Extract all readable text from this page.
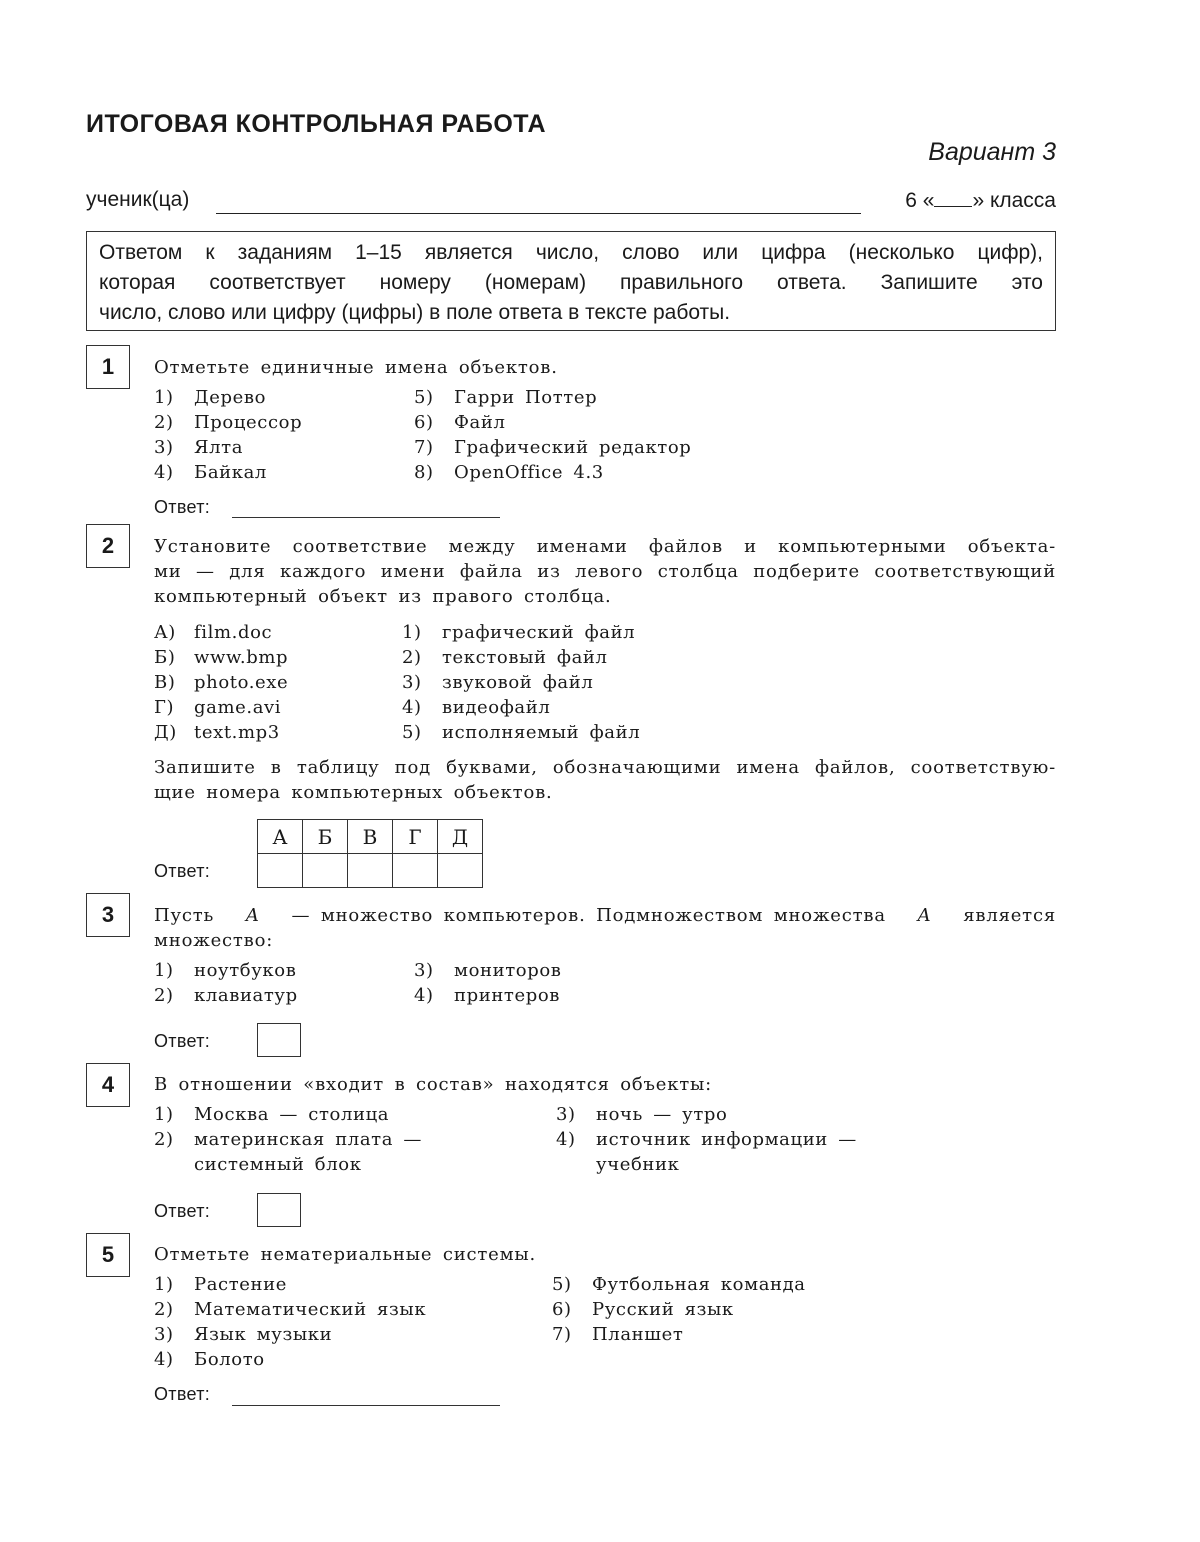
ИТОГОВАЯ КОНТРОЛЬНАЯ РАБОТА
Вариант 3
ученик(ца)	6 « » класса
Ответом к заданиям 1–15 является число, слово или цифра (несколько цифр),
которая соответствует номеру (номерам) правильного ответа. Запишите это
число, слово или цифру (цифры) в поле ответа в тексте работы.
1	Отметьте единичные имена объектов.
1) Дерево
2) Процессор
3) Ялта
4) Байкал
5) Гарри Поттер
6) Файл
7) Графический редактор
8) OpenOffice 4.3
Ответ:
2	Установите соответствие между именами файлов и компьютерными объекта-
ми — для каждого имени файла из левого столбца подберите соответствующий
компьютерный объект из правого столбца.
А) film.doc
Б) www.bmp
В) photo.exe
Г) game.avi
Д) text.mp3
1) графический файл
2) текстовый файл
3) звуковой файл
4) видеофайл
5) исполняемый файл
Запишите в таблицу под буквами, обозначающими имена файлов, соответствую-
щие номера компьютерных объектов.
А	Б	В	Г	Д

Ответ:
3	Пусть A — множество компьютеров. Подмножеством множества A является
множество:
1) ноутбуков
2) клавиатур
3) мониторов
4) принтеров
Ответ:
4	В отношении «входит в состав» находятся объекты:
1) Москва — столица
2) материнская плата —
системный блок
3) ночь — утро
4) источник информации —
учебник
Ответ:
5	Отметьте нематериальные системы.
1) Растение
2) Математический язык
3) Язык музыки
4) Болото
5) Футбольная команда
6) Русский язык
7) Планшет
Ответ:
